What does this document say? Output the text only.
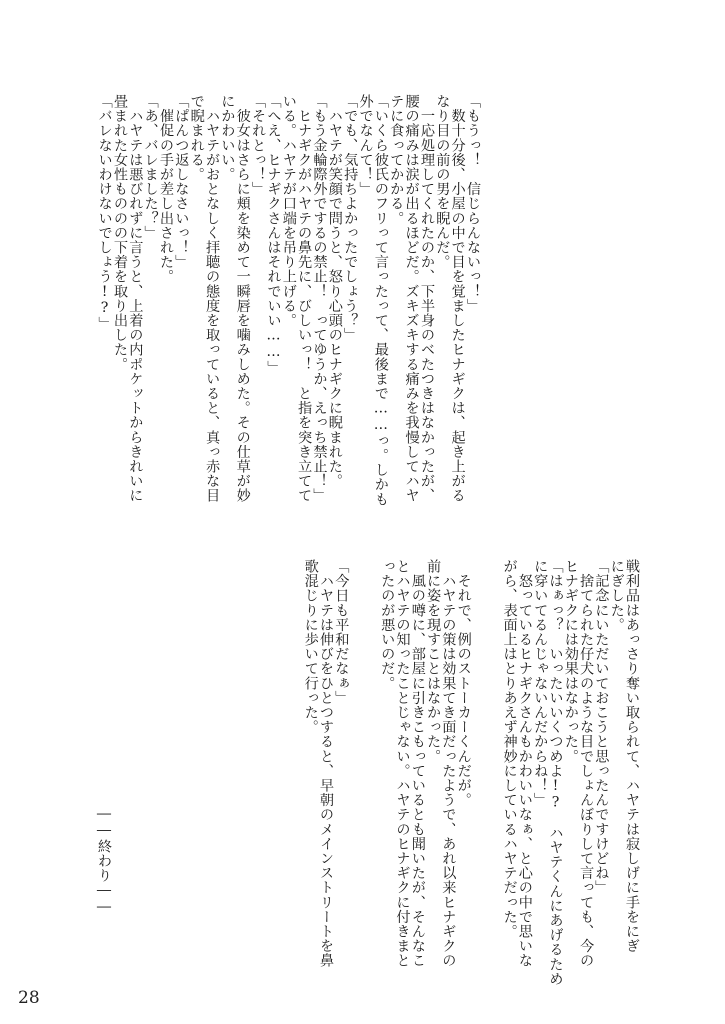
「もうっ！　信じらんないっ！」
　数十分後、小屋の中で目を覚ましたヒナギクは、起き上がる
なり目の前の男を睨んだ。
　一応処理してくれたのか、下半身のベたつきはなかったが、
腰の痛みは涙が出るほどだ。ズキズキする痛みを我慢してハヤ
テに食ってかかる。
「いくら彼氏のフリって言ったって、最後まで……っ。しかも
外でなんて！」
「でも、気持ちよかったでしょう？」
　ハヤテが笑顔で問うと、怒り心頭のヒナギクに睨まれた。
「もう金輪際外でするの禁止！　ってゆうか、えっち禁止！」
　ヒナギクがハヤテの鼻先に、びしいっ！　と指を突き立てて
いる。ハヤテが口端を吊り上げる。
「へえ、ヒナギクさんはそれでいい……」
「それとっ！」
　彼女はさらに頬を染めて一瞬唇を噛みしめた。その仕草が妙
にかわいい。
　ハヤテがおとなしく拝聴の態度を取っていると、真っ赤な目
で睨まれる。
「ぱんつ返しなさいっ！」
　催促の手が差し出された。
「あ、バレました？」
　ハヤテは悪びれずに言うと、上着の内ポケットからきれいに
畳まれた女性もののの下着を取り出した。
「バレないわけないでしょう!?」
戦利品はあっさり奪い取られて、ハヤテは寂しげに手をにぎ
にぎした。
「記念にいただいておこうと思ったんですけどね」
　捨てられた仔犬のような目でしょんぼりして言っても、今の
ヒナギクには効果はなかった。
「はぁっ？　いったいいくつめよ!?　ハヤテくんにあげるため
に穿いてるんじゃないんだからね！」
　怒っているヒナギクさんもかわいいなぁ、と心の中で思いな
がら、表面上はとりあえず神妙にしているハヤテだった。
　それで、例のストーカーくんだが。
　ハヤテの策は効果てき面だったようで、あれ以来ヒナギクの
前に姿を現すことはなかった。
　風の噂に、部屋に引きこもっているとも聞いたが、そんなこ
とハヤテの知ったことじゃない。ハヤテのヒナギクに付きまと
ったのが悪いのだ。
「今日も平和だなぁ」
　ハヤテは伸びをひとつすると、早朝のメインストリートを鼻
歌混じりに歩いて行った。
――終わり――
28
